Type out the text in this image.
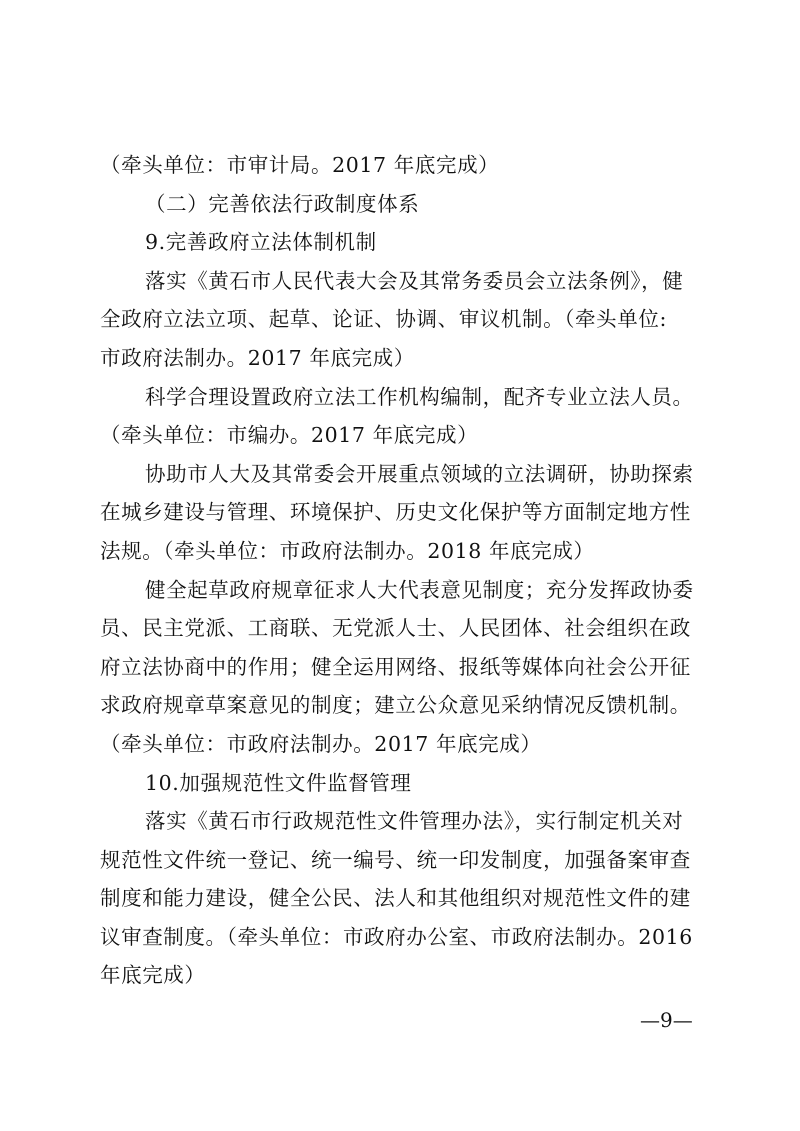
（牵头单位：市审计局。2017 年底完成）
（二）完善依法行政制度体系
9.完善政府立法体制机制
落实《黄石市人民代表大会及其常务委员会立法条例》，健
全政府立法立项、起草、论证、协调、审议机制。（牵头单位:
市政府法制办。2017 年底完成）
科学合理设置政府立法工作机构编制，配齐专业立法人员。
（牵头单位：市编办。2017 年底完成）
协助市人大及其常委会开展重点领域的立法调研，协助探索
在城乡建设与管理、环境保护、历史文化保护等方面制定地方性
法规。（牵头单位：市政府法制办。2018 年底完成）
健全起草政府规章征求人大代表意见制度；充分发挥政协委
员、民主党派、工商联、无党派人士、人民团体、社会组织在政
府立法协商中的作用；健全运用网络、报纸等媒体向社会公开征
求政府规章草案意见的制度；建立公众意见采纳情况反馈机制。
（牵头单位：市政府法制办。2017 年底完成）
10.加强规范性文件监督管理
落实《黄石市行政规范性文件管理办法》，实行制定机关对
规范性文件统一登记、统一编号、统一印发制度，加强备案审查
制度和能力建设，健全公民、法人和其他组织对规范性文件的建
议审查制度。（牵头单位：市政府办公室、市政府法制办。2016
年底完成）
—9—
